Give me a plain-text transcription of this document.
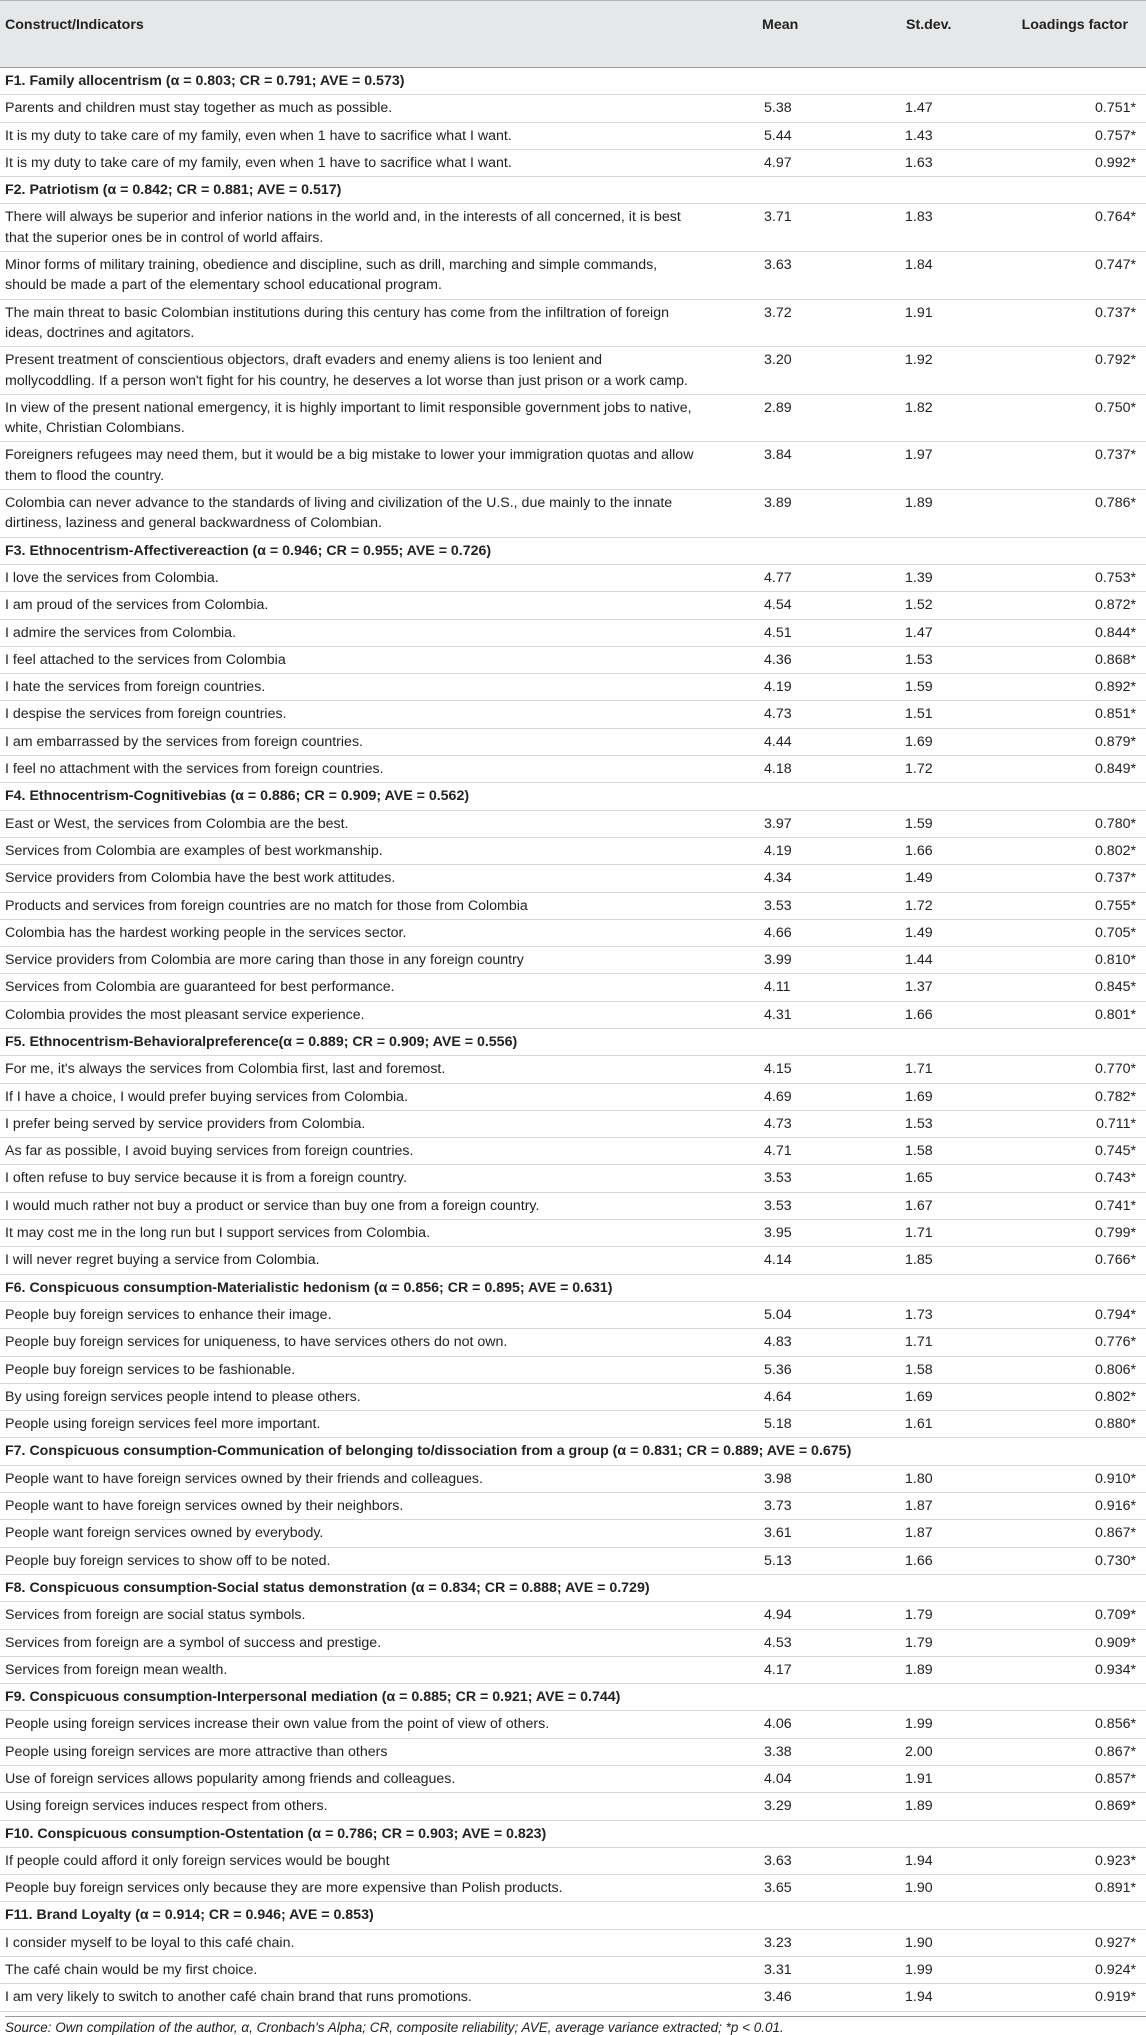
Construct/Indicators	Mean	St.dev.	Loadings factor
F1. Family allocentrism (α = 0.803; CR = 0.791; AVE = 0.573)			
Parents and children must stay together as much as possible.	5.38	1.47	0.751*
It is my duty to take care of my family, even when 1 have to sacrifice what I want.	5.44	1.43	0.757*
It is my duty to take care of my family, even when 1 have to sacrifice what I want.	4.97	1.63	0.992*
F2. Patriotism (α = 0.842; CR = 0.881; AVE = 0.517)			
There will always be superior and inferior nations in the world and, in the interests of all concerned, it is best that the superior ones be in control of world affairs.	3.71	1.83	0.764*
Minor forms of military training, obedience and discipline, such as drill, marching and simple commands, should be made a part of the elementary school educational program.	3.63	1.84	0.747*
The main threat to basic Colombian institutions during this century has come from the infiltration of foreign ideas, doctrines and agitators.	3.72	1.91	0.737*
Present treatment of conscientious objectors, draft evaders and enemy aliens is too lenient and mollycoddling. If a person won't fight for his country, he deserves a lot worse than just prison or a work camp.	3.20	1.92	0.792*
In view of the present national emergency, it is highly important to limit responsible government jobs to native, white, Christian Colombians.	2.89	1.82	0.750*
Foreigners refugees may need them, but it would be a big mistake to lower your immigration quotas and allow them to flood the country.	3.84	1.97	0.737*
Colombia can never advance to the standards of living and civilization of the U.S., due mainly to the innate dirtiness, laziness and general backwardness of Colombian.	3.89	1.89	0.786*
F3. Ethnocentrism-Affectivereaction (α = 0.946; CR = 0.955; AVE = 0.726)			
I love the services from Colombia.	4.77	1.39	0.753*
I am proud of the services from Colombia.	4.54	1.52	0.872*
I admire the services from Colombia.	4.51	1.47	0.844*
I feel attached to the services from Colombia	4.36	1.53	0.868*
I hate the services from foreign countries.	4.19	1.59	0.892*
I despise the services from foreign countries.	4.73	1.51	0.851*
I am embarrassed by the services from foreign countries.	4.44	1.69	0.879*
I feel no attachment with the services from foreign countries.	4.18	1.72	0.849*
F4. Ethnocentrism-Cognitivebias (α = 0.886; CR = 0.909; AVE = 0.562)			
East or West, the services from Colombia are the best.	3.97	1.59	0.780*
Services from Colombia are examples of best workmanship.	4.19	1.66	0.802*
Service providers from Colombia have the best work attitudes.	4.34	1.49	0.737*
Products and services from foreign countries are no match for those from Colombia	3.53	1.72	0.755*
Colombia has the hardest working people in the services sector.	4.66	1.49	0.705*
Service providers from Colombia are more caring than those in any foreign country	3.99	1.44	0.810*
Services from Colombia are guaranteed for best performance.	4.11	1.37	0.845*
Colombia provides the most pleasant service experience.	4.31	1.66	0.801*
F5. Ethnocentrism-Behavioralpreference(α = 0.889; CR = 0.909; AVE = 0.556)			
For me, it's always the services from Colombia first, last and foremost.	4.15	1.71	0.770*
If I have a choice, I would prefer buying services from Colombia.	4.69	1.69	0.782*
I prefer being served by service providers from Colombia.	4.73	1.53	0.711*
As far as possible, I avoid buying services from foreign countries.	4.71	1.58	0.745*
I often refuse to buy service because it is from a foreign country.	3.53	1.65	0.743*
I would much rather not buy a product or service than buy one from a foreign country.	3.53	1.67	0.741*
It may cost me in the long run but I support services from Colombia.	3.95	1.71	0.799*
I will never regret buying a service from Colombia.	4.14	1.85	0.766*
F6. Conspicuous consumption-Materialistic hedonism (α = 0.856; CR = 0.895; AVE = 0.631)			
People buy foreign services to enhance their image.	5.04	1.73	0.794*
People buy foreign services for uniqueness, to have services others do not own.	4.83	1.71	0.776*
People buy foreign services to be fashionable.	5.36	1.58	0.806*
By using foreign services people intend to please others.	4.64	1.69	0.802*
People using foreign services feel more important.	5.18	1.61	0.880*
F7. Conspicuous consumption-Communication of belonging to/dissociation from a group (α = 0.831; CR = 0.889; AVE = 0.675)			
People want to have foreign services owned by their friends and colleagues.	3.98	1.80	0.910*
People want to have foreign services owned by their neighbors.	3.73	1.87	0.916*
People want foreign services owned by everybody.	3.61	1.87	0.867*
People buy foreign services to show off to be noted.	5.13	1.66	0.730*
F8. Conspicuous consumption-Social status demonstration (α = 0.834; CR = 0.888; AVE = 0.729)			
Services from foreign are social status symbols.	4.94	1.79	0.709*
Services from foreign are a symbol of success and prestige.	4.53	1.79	0.909*
Services from foreign mean wealth.	4.17	1.89	0.934*
F9. Conspicuous consumption-Interpersonal mediation (α = 0.885; CR = 0.921; AVE = 0.744)			
People using foreign services increase their own value from the point of view of others.	4.06	1.99	0.856*
People using foreign services are more attractive than others	3.38	2.00	0.867*
Use of foreign services allows popularity among friends and colleagues.	4.04	1.91	0.857*
Using foreign services induces respect from others.	3.29	1.89	0.869*
F10. Conspicuous consumption-Ostentation (α = 0.786; CR = 0.903; AVE = 0.823)			
If people could afford it only foreign services would be bought	3.63	1.94	0.923*
People buy foreign services only because they are more expensive than Polish products.	3.65	1.90	0.891*
F11. Brand Loyalty (α = 0.914; CR = 0.946; AVE = 0.853)			
I consider myself to be loyal to this café chain.	3.23	1.90	0.927*
The café chain would be my first choice.	3.31	1.99	0.924*
I am very likely to switch to another café chain brand that runs promotions.	3.46	1.94	0.919*
Source: Own compilation of the author, α, Cronbach's Alpha; CR, composite reliability; AVE, average variance extracted; *p < 0.01.
